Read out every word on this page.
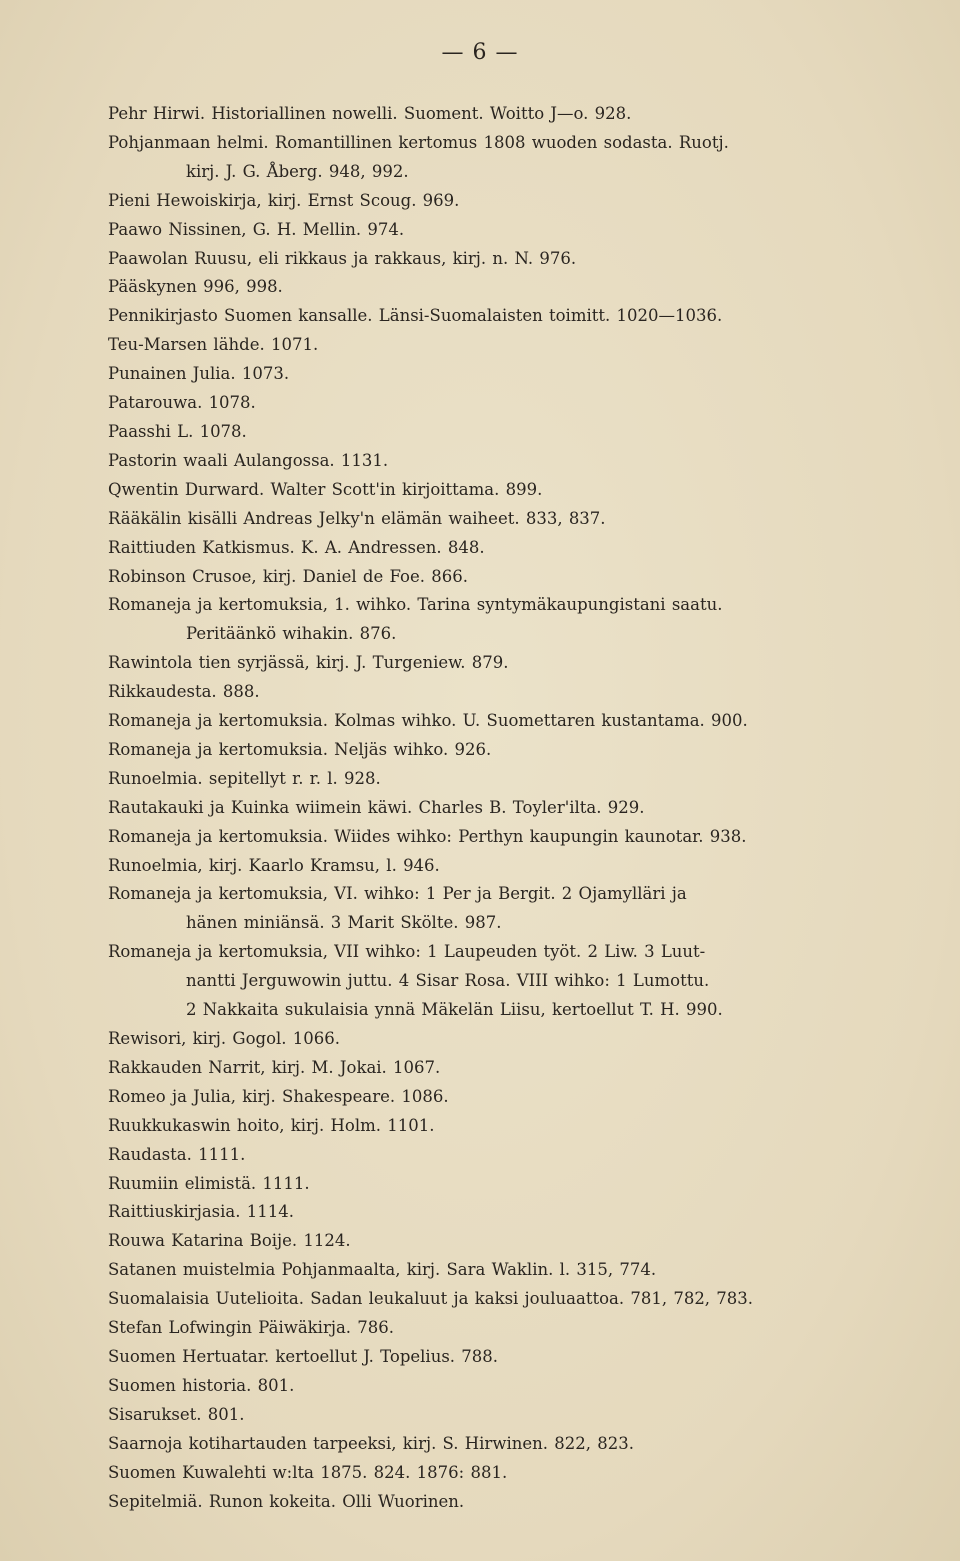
— 6 —
Pehr Hirwi. Historiallinen nowelli. Suoment. Woitto J—o. 928.
Pohjanmaan helmi. Romantillinen kertomus 1808 wuoden sodasta. Ruotj.
kirj. J. G. Åberg. 948, 992.
Pieni Hewoiskirja, kirj. Ernst Scoug. 969.
Paawo Nissinen, G. H. Mellin. 974.
Paawolan Ruusu, eli rikkaus ja rakkaus, kirj. n. N. 976.
Pääskynen 996, 998.
Pennikirjasto Suomen kansalle. Länsi-Suomalaisten toimitt. 1020—1036.
Teu-Marsen lähde. 1071.
Punainen Julia. 1073.
Patarouwa. 1078.
Paasshi L. 1078.
Pastorin waali Aulangossa. 1131.
Qwentin Durward. Walter Scott'in kirjoittama. 899.
Rääkälin kisälli Andreas Jelky'n elämän waiheet. 833, 837.
Raittiuden Katkismus. K. A. Andressen. 848.
Robinson Crusoe, kirj. Daniel de Foe. 866.
Romaneja ja kertomuksia, 1. wihko. Tarina syntymäkaupungistani saatu.
Peritäänkö wihakin. 876.
Rawintola tien syrjässä, kirj. J. Turgeniew. 879.
Rikkaudesta. 888.
Romaneja ja kertomuksia. Kolmas wihko. U. Suomettaren kustantama. 900.
Romaneja ja kertomuksia. Neljäs wihko. 926.
Runoelmia. sepitellyt r. r. l. 928.
Rautakauki ja Kuinka wiimein käwi. Charles B. Toyler'ilta. 929.
Romaneja ja kertomuksia. Wiides wihko: Perthyn kaupungin kaunotar. 938.
Runoelmia, kirj. Kaarlo Kramsu, l. 946.
Romaneja ja kertomuksia, VI. wihko: 1 Per ja Bergit. 2 Ojamylläri ja
hänen miniänsä. 3 Marit Skölte. 987.
Romaneja ja kertomuksia, VII wihko: 1 Laupeuden työt. 2 Liw. 3 Luut-
nantti Jerguwowin juttu. 4 Sisar Rosa. VIII wihko: 1 Lumottu.
2 Nakkaita sukulaisia ynnä Mäkelän Liisu, kertoellut T. H. 990.
Rewisori, kirj. Gogol. 1066.
Rakkauden Narrit, kirj. M. Jokai. 1067.
Romeo ja Julia, kirj. Shakespeare. 1086.
Ruukkukaswin hoito, kirj. Holm. 1101.
Raudasta. 1111.
Ruumiin elimistä. 1111.
Raittiuskirjasia. 1114.
Rouwa Katarina Boije. 1124.
Satanen muistelmia Pohjanmaalta, kirj. Sara Waklin. l. 315, 774.
Suomalaisia Uutelioita. Sadan leukaluut ja kaksi jouluaattoa. 781, 782, 783.
Stefan Lofwingin Päiwäkirja. 786.
Suomen Hertuatar. kertoellut J. Topelius. 788.
Suomen historia. 801.
Sisarukset. 801.
Saarnoja kotihartauden tarpeeksi, kirj. S. Hirwinen. 822, 823.
Suomen Kuwalehti w:lta 1875. 824. 1876: 881.
Sepitelmiä. Runon kokeita. Olli Wuorinen.
